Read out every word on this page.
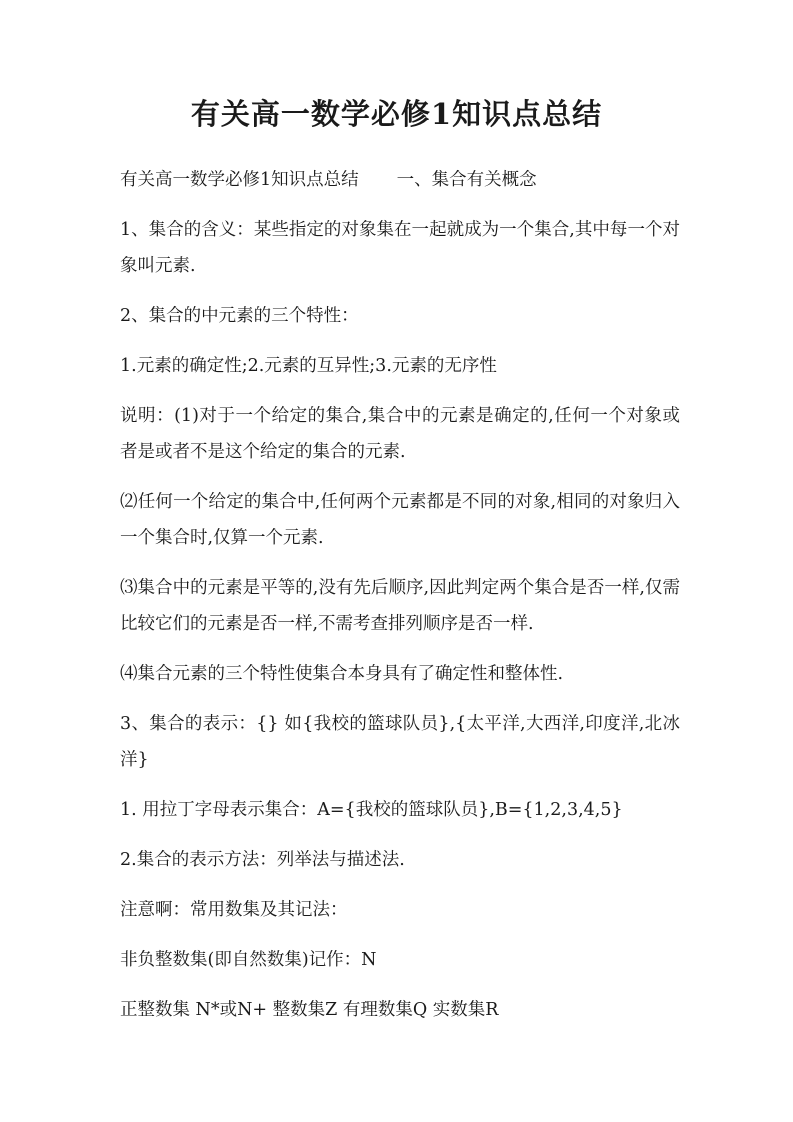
有关高一数学必修1知识点总结

有关高一数学必修1知识点总结 一、集合有关概念

1、集合的含义：某些指定的对象集在一起就成为一个集合,其中每一个对象叫元素.

2、集合的中元素的三个特性：

1.元素的确定性;2.元素的互异性;3.元素的无序性

说明：(1)对于一个给定的集合,集合中的元素是确定的,任何一个对象或者是或者不是这个给定的集合的元素.

⑵任何一个给定的集合中,任何两个元素都是不同的对象,相同的对象归入一个集合时,仅算一个元素.

⑶集合中的元素是平等的,没有先后顺序,因此判定两个集合是否一样,仅需比较它们的元素是否一样,不需考查排列顺序是否一样.

⑷集合元素的三个特性使集合本身具有了确定性和整体性.

3、集合的表示：{} 如{我校的篮球队员},{太平洋,大西洋,印度洋,北冰洋}

1. 用拉丁字母表示集合：A={我校的篮球队员},B={1,2,3,4,5}

2.集合的表示方法：列举法与描述法.

注意啊：常用数集及其记法：

非负整数集(即自然数集)记作：N

正整数集 N*或N+ 整数集Z 有理数集Q 实数集R
